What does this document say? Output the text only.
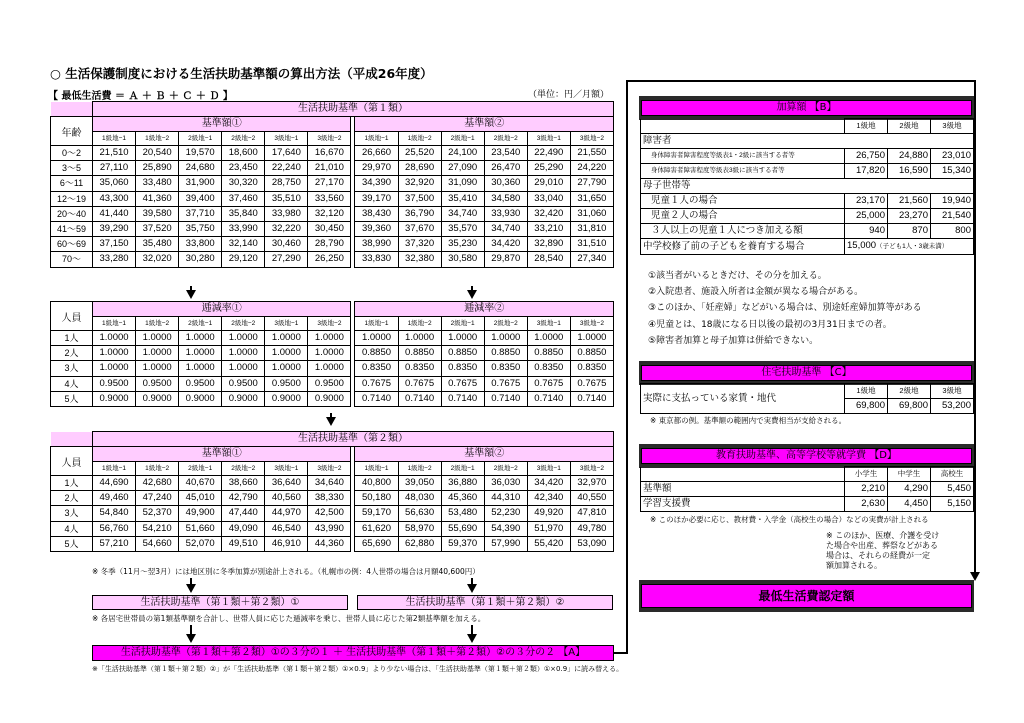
○ 生活保護制度における生活扶助基準額の算出方法（平成26年度）
【 最低生活費 ＝ Ａ ＋ Ｂ ＋ Ｃ ＋ Ｄ 】	（単位：円／月額）
	生活扶助基準（第１類）												
年齢	基準額①							基準額②					
	1級地−1	1級地−2	2級地−1	2級地−2	3級地−1	3級地−2		1級地−1	1級地−2	2級地−1	2級地−2	3級地−1	3級地−2
0〜2	21,510	20,540	19,570	18,600	17,640	16,670		26,660	25,520	24,100	23,540	22,490	21,550
3〜5	27,110	25,890	24,680	23,450	22,240	21,010		29,970	28,690	27,090	26,470	25,290	24,220
6〜11	35,060	33,480	31,900	30,320	28,750	27,170		34,390	32,920	31,090	30,360	29,010	27,790
12〜19	43,300	41,360	39,400	37,460	35,510	33,560		39,170	37,500	35,410	34,580	33,040	31,650
20〜40	41,440	39,580	37,710	35,840	33,980	32,120		38,430	36,790	34,740	33,930	32,420	31,060
41〜59	39,290	37,520	35,750	33,990	32,220	30,450		39,360	37,670	35,570	34,740	33,210	31,810
60〜69	37,150	35,480	33,800	32,140	30,460	28,790		38,990	37,320	35,230	34,420	32,890	31,510
70〜	33,280	32,020	30,280	29,120	27,290	26,250		33,830	32,380	30,580	29,870	28,540	27,340
人員	逓減率①							逓減率②					
	1級地−1	1級地−2	2級地−1	2級地−2	3級地−1	3級地−2		1級地−1	1級地−2	2級地−1	2級地−2	3級地−1	3級地−2
1人	1.0000	1.0000	1.0000	1.0000	1.0000	1.0000		1.0000	1.0000	1.0000	1.0000	1.0000	1.0000
2人	1.0000	1.0000	1.0000	1.0000	1.0000	1.0000		0.8850	0.8850	0.8850	0.8850	0.8850	0.8850
3人	1.0000	1.0000	1.0000	1.0000	1.0000	1.0000		0.8350	0.8350	0.8350	0.8350	0.8350	0.8350
4人	0.9500	0.9500	0.9500	0.9500	0.9500	0.9500		0.7675	0.7675	0.7675	0.7675	0.7675	0.7675
5人	0.9000	0.9000	0.9000	0.9000	0.9000	0.9000		0.7140	0.7140	0.7140	0.7140	0.7140	0.7140
	生活扶助基準（第２類）												
人員	基準額①							基準額②					
	1級地−1	1級地−2	2級地−1	2級地−2	3級地−1	3級地−2		1級地−1	1級地−2	2級地−1	2級地−2	3級地−1	3級地−2
1人	44,690	42,680	40,670	38,660	36,640	34,640		40,800	39,050	36,880	36,030	34,420	32,970
2人	49,460	47,240	45,010	42,790	40,560	38,330		50,180	48,030	45,360	44,310	42,340	40,550
3人	54,840	52,370	49,900	47,440	44,970	42,500		59,170	56,630	53,480	52,230	49,920	47,810
4人	56,760	54,210	51,660	49,090	46,540	43,990		61,620	58,970	55,690	54,390	51,970	49,780
5人	57,210	54,660	52,070	49,510	46,910	44,360		65,690	62,880	59,370	57,990	55,420	53,090
※ 冬季（11月〜翌3月）には地区別に冬季加算が別途計上される。（札幌市の例：4人世帯の場合は月額40,600円）
生活扶助基準（第１類＋第２類）①	生活扶助基準（第１類＋第２類）②
※ 各居宅世帯員の第1類基準額を合計し、世帯人員に応じた逓減率を乗じ、世帯人員に応じた第2類基準額を加える。
生活扶助基準（第１類＋第２類）①の３分の１ ＋ 生活扶助基準（第１類＋第２類）②の３分の２ 【A】
※「生活扶助基準（第１類＋第２類）②」が「生活扶助基準（第１類＋第２類）①×0.9」より少ない場合は、「生活扶助基準（第１類＋第２類）①×0.9」に読み替える。
加算額 【B】
	1級地	2級地	3級地
障害者			
身体障害者障害程度等級表1・2級に該当する者等	26,750	24,880	23,010
身体障害者障害程度等級表3級に該当する者等	17,820	16,590	15,340
母子世帯等			
児童１人の場合	23,170	21,560	19,940
児童２人の場合	25,000	23,270	21,540
３人以上の児童１人につき加える額	940	870	800
中学校修了前の子どもを養育する場合	15,000（子ども1人・3歳未満）		
①該当者がいるときだけ、その分を加える。
②入院患者、施設入所者は金額が異なる場合がある。
③このほか、「妊産婦」などがいる場合は、別途妊産婦加算等がある
④児童とは、18歳になる日以後の最初の3月31日までの者。
⑤障害者加算と母子加算は併給できない。
住宅扶助基準 【C】
実際に支払っている家賃・地代	1級地	2級地	3級地
	69,800	69,800	53,200
※ 東京都の例。基準額の範囲内で実費相当が支給される。
教育扶助基準、高等学校等就学費 【D】
	小学生	中学生	高校生
基準額	2,210	4,290	5,450
学習支援費	2,630	4,450	5,150
※ このほか必要に応じ、教材費・入学金（高校生の場合）などの実費が計上される
※ このほか、医療、介護を受け
た場合や出産、葬祭などがある
場合は、それらの経費が一定
額加算される。
最低生活費認定額
